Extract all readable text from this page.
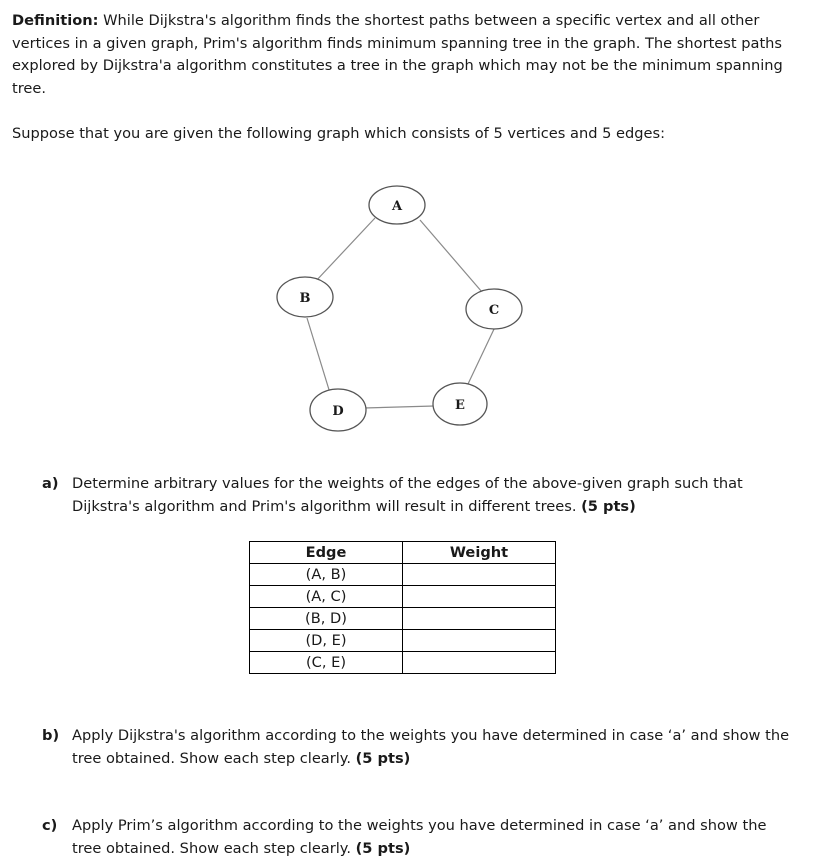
Definition: While Dijkstra's algorithm finds the shortest paths between a specific vertex and all other vertices in a given graph, Prim's algorithm finds minimum spanning tree in the graph. The shortest paths explored by Dijkstra'a algorithm constitutes a tree in the graph which may not be the minimum spanning tree.
Suppose that you are given the following graph which consists of 5 vertices and 5 edges:
A
B
C
D	E
a) Determine arbitrary values for the weights of the edges of the above-given graph such that Dijkstra's algorithm and Prim's algorithm will result in different trees. (5 pts)
Edge	Weight
(A, B)	
(A, C)	
(B, D)	
(D, E)	
(C, E)	
b) Apply Dijkstra's algorithm according to the weights you have determined in case ‘a’ and show the tree obtained. Show each step clearly. (5 pts)
c) Apply Prim’s algorithm according to the weights you have determined in case ‘a’ and show the tree obtained. Show each step clearly. (5 pts)
